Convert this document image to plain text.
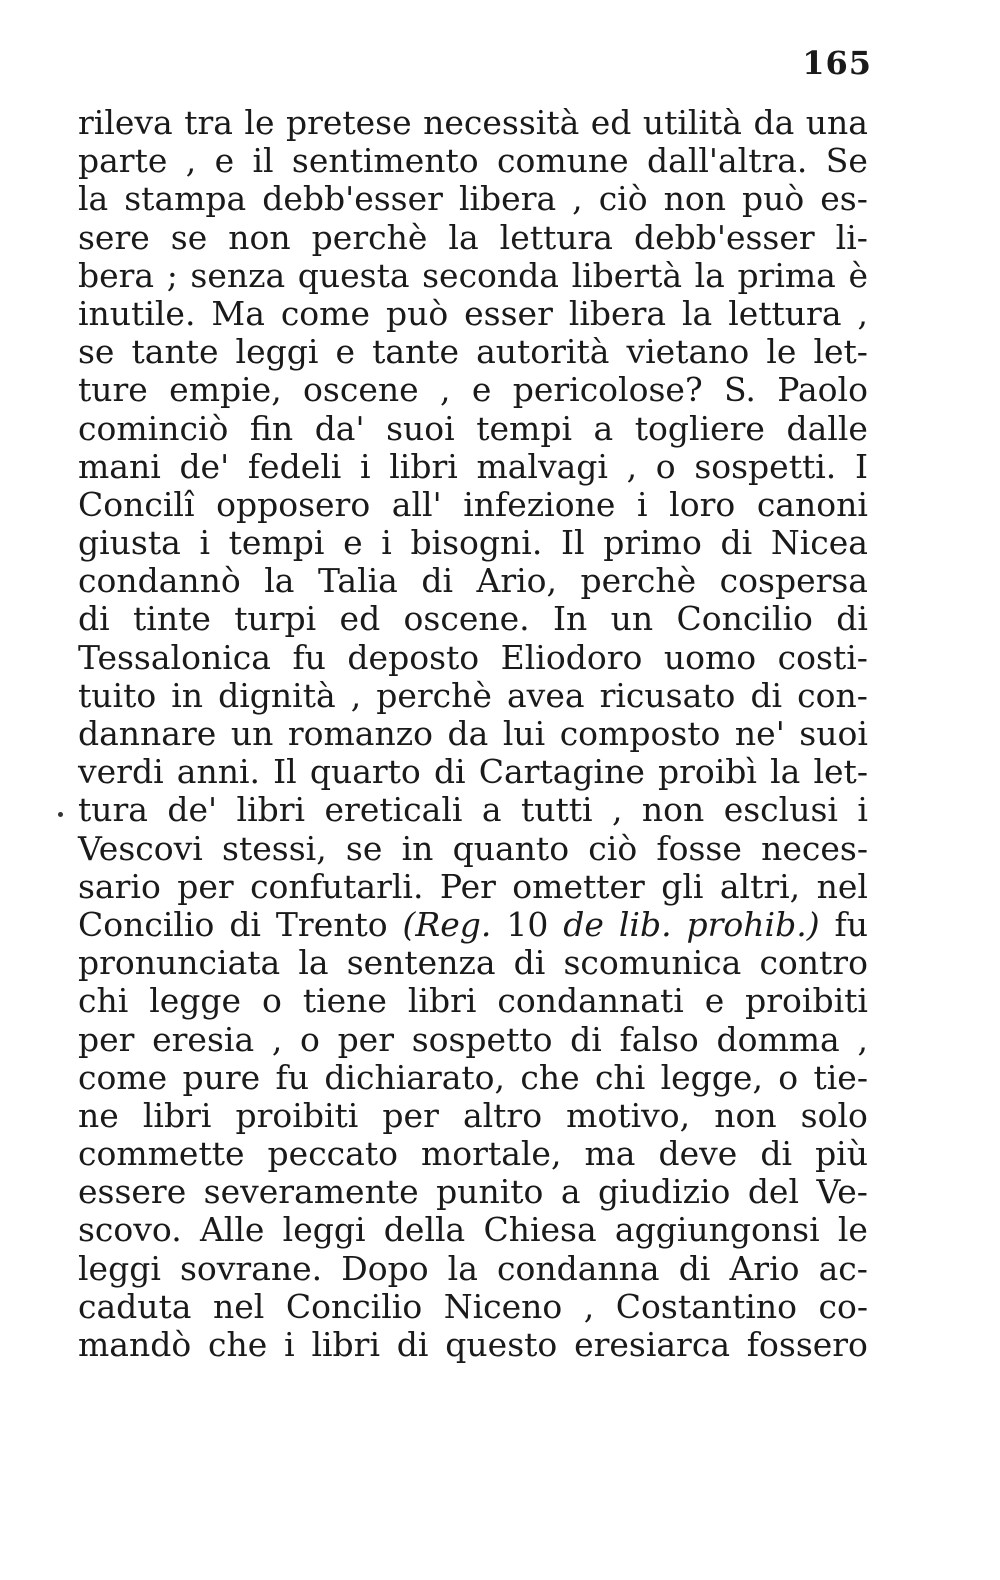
165
rileva tra le pretese necessità ed utilità da una
parte , e il sentimento comune dall'altra. Se
la stampa debb'esser libera , ciò non può es-
sere se non perchè la lettura debb'esser li-
bera ; senza questa seconda libertà la prima è
inutile. Ma come può esser libera la lettura ,
se tante leggi e tante autorità vietano le let-
ture empie, oscene , e pericolose? S. Paolo
cominciò fin da' suoi tempi a togliere dalle
mani de' fedeli i libri malvagi , o sospetti. I
Concilî opposero all' infezione i loro canoni
giusta i tempi e i bisogni. Il primo di Nicea
condannò la Talia di Ario, perchè cospersa
di tinte turpi ed oscene. In un Concilio di
Tessalonica fu deposto Eliodoro uomo costi-
tuito in dignità , perchè avea ricusato di con-
dannare un romanzo da lui composto ne' suoi
verdi anni. Il quarto di Cartagine proibì la let-
tura de' libri ereticali a tutti , non esclusi i
Vescovi stessi, se in quanto ciò fosse neces-
sario per confutarli. Per ometter gli altri, nel
Concilio di Trento (Reg. 10 de lib. prohib.) fu
pronunciata la sentenza di scomunica contro
chi legge o tiene libri condannati e proibiti
per eresia , o per sospetto di falso domma ,
come pure fu dichiarato, che chi legge, o tie-
ne libri proibiti per altro motivo, non solo
commette peccato mortale, ma deve di più
essere severamente punito a giudizio del Ve-
scovo. Alle leggi della Chiesa aggiungonsi le
leggi sovrane. Dopo la condanna di Ario ac-
caduta nel Concilio Niceno , Costantino co-
mandò che i libri di questo eresiarca fossero
